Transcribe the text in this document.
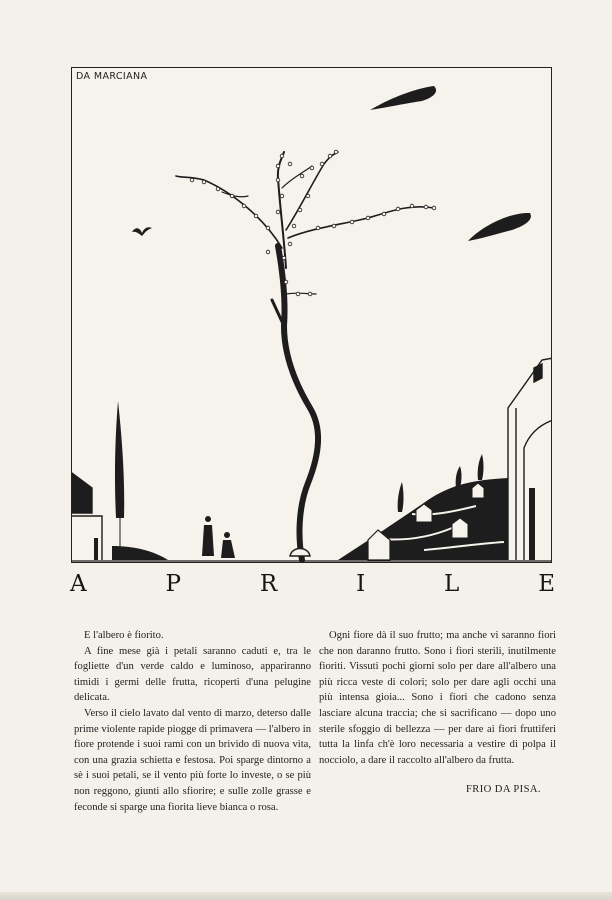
DA MARCIANA
A	P	R	I	L	E

E l'albero è fiorito.

A fine mese già i petali saranno caduti e, tra le fogliette d'un verde caldo e luminoso, appariranno timidi i germi delle frutta, ricoperti d'una pelugine delicata.

Verso il cielo lavato dal vento di marzo, deterso dalle prime violente rapide piogge di primavera — l'albero in fiore protende i suoi rami con un brivido di nuova vita, con una grazia schietta e festosa. Poi sparge dintorno a sè i suoi petali, se il vento più forte lo investe, o se più non reggono, giunti allo sfiorire; e sulle zolle grasse e feconde si sparge una fiorita lieve bianca o rosa.

Ogni fiore dà il suo frutto; ma anche vi saranno fiori che non daranno frutto. Sono i fiori sterili, inutilmente fioriti. Vissuti pochi giorni solo per dare all'albero una più ricca veste di colori; solo per dare agli occhi una più intensa gioia... Sono i fiori che cadono senza lasciare alcuna traccia; che si sacrificano — dopo uno sterile sfoggio di bellezza — per dare ai fiori fruttiferi tutta la linfa ch'è loro necessaria a vestire di polpa il nocciolo, a dare il raccolto all'albero da frutta.

FRIO DA PISA.
